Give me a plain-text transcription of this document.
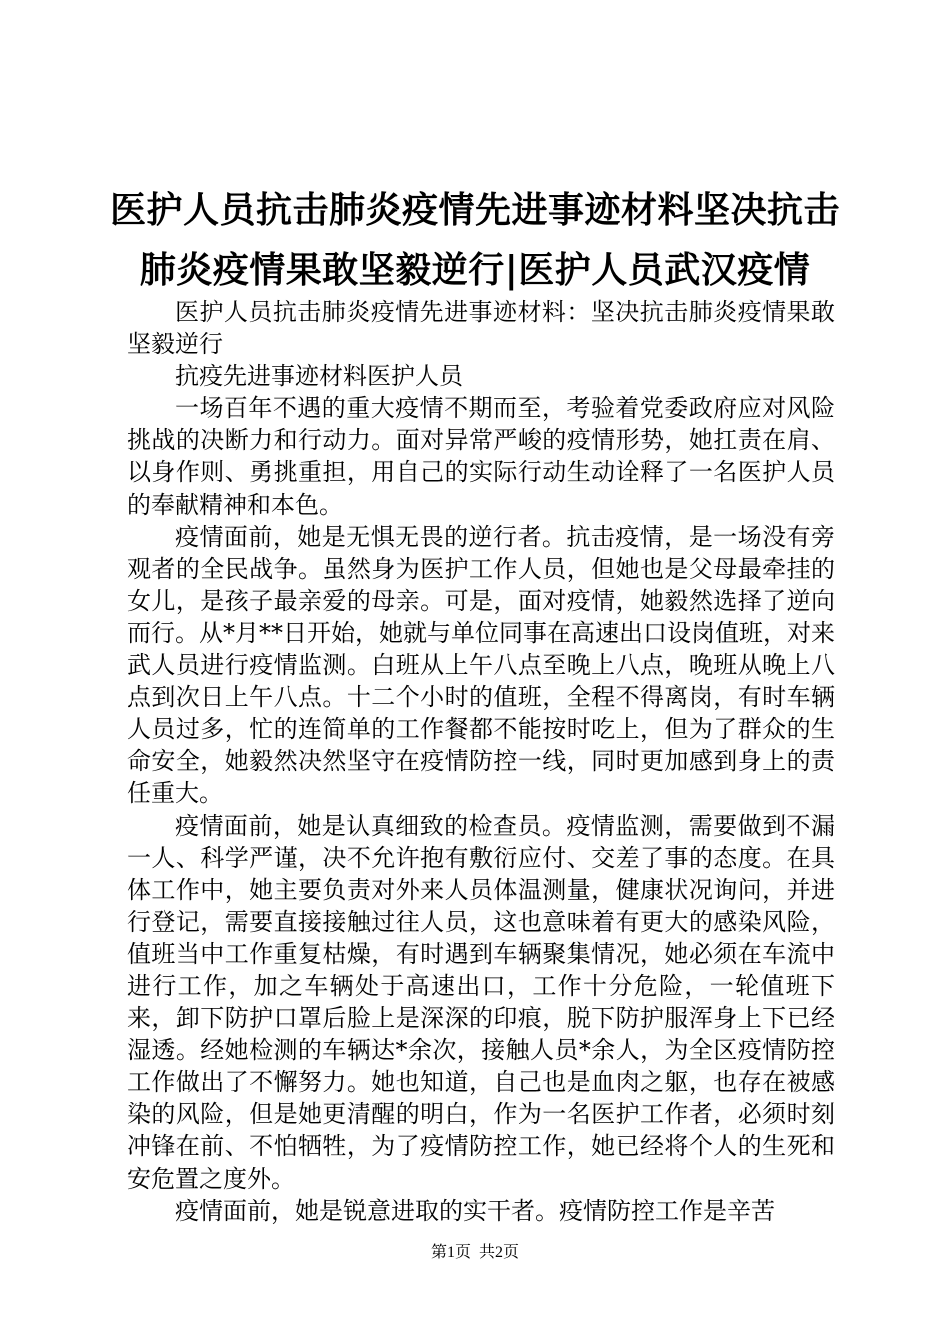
医护人员抗击肺炎疫情先进事迹材料坚决抗击肺炎疫情果敢坚毅逆行|医护人员武汉疫情

医护人员抗击肺炎疫情先进事迹材料：坚决抗击肺炎疫情果敢坚毅逆行

抗疫先进事迹材料医护人员

一场百年不遇的重大疫情不期而至，考验着党委政府应对风险挑战的决断力和行动力。面对异常严峻的疫情形势，她扛责在肩、以身作则、勇挑重担，用自己的实际行动生动诠释了一名医护人员的奉献精神和本色。

疫情面前，她是无惧无畏的逆行者。抗击疫情，是一场没有旁观者的全民战争。虽然身为医护工作人员，但她也是父母最牵挂的女儿，是孩子最亲爱的母亲。可是，面对疫情，她毅然选择了逆向而行。从*月**日开始，她就与单位同事在高速出口设岗值班，对来武人员进行疫情监测。白班从上午八点至晚上八点，晚班从晚上八点到次日上午八点。十二个小时的值班，全程不得离岗，有时车辆人员过多，忙的连简单的工作餐都不能按时吃上，但为了群众的生命安全，她毅然决然坚守在疫情防控一线，同时更加感到身上的责任重大。

疫情面前，她是认真细致的检查员。疫情监测，需要做到不漏一人、科学严谨，决不允许抱有敷衍应付、交差了事的态度。在具体工作中，她主要负责对外来人员体温测量，健康状况询问，并进行登记，需要直接接触过往人员，这也意味着有更大的感染风险，值班当中工作重复枯燥，有时遇到车辆聚集情况，她必须在车流中进行工作，加之车辆处于高速出口，工作十分危险，一轮值班下来，卸下防护口罩后脸上是深深的印痕，脱下防护服浑身上下已经湿透。经她检测的车辆达*余次，接触人员*余人，为全区疫情防控工作做出了不懈努力。她也知道，自己也是血肉之躯，也存在被感染的风险，但是她更清醒的明白，作为一名医护工作者，必须时刻冲锋在前、不怕牺牲，为了疫情防控工作，她已经将个人的生死和安危置之度外。

疫情面前，她是锐意进取的实干者。疫情防控工作是辛苦

第1页 共2页
